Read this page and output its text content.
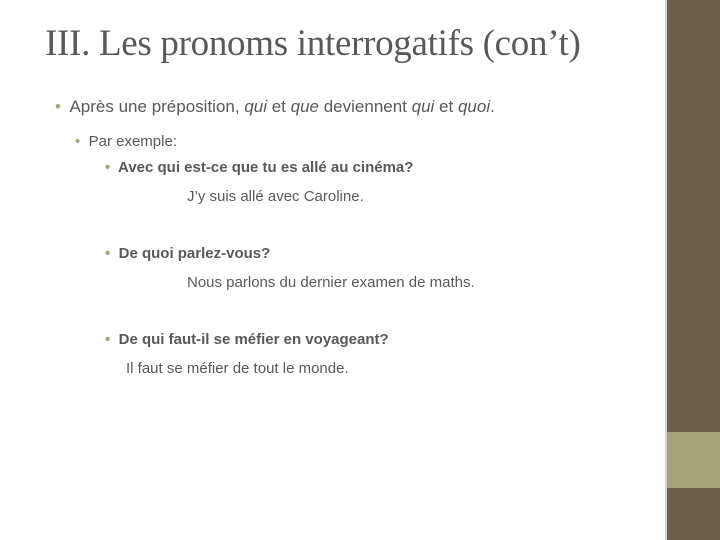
III. Les pronoms interrogatifs (con’t)
• Après une préposition, qui et que deviennent qui et quoi.
• Par exemple:
• Avec qui est-ce que tu es allé au cinéma?
J’y suis allé avec Caroline.
• De quoi parlez-vous?
Nous parlons du dernier examen de maths.
• De qui faut-il se méfier en voyageant?
Il faut se méfier de tout le monde.
